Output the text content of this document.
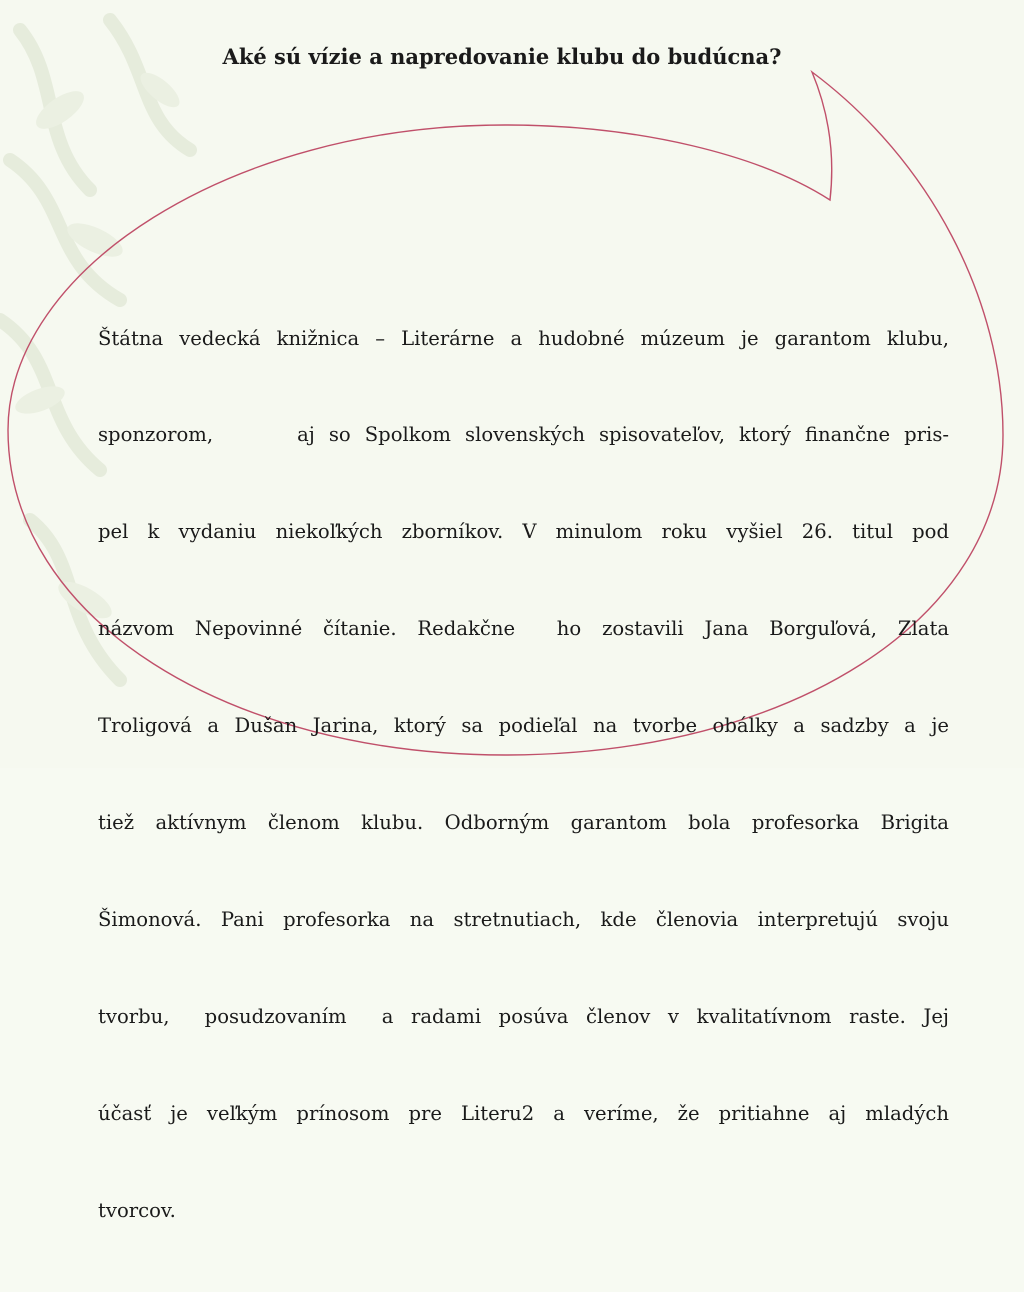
Aké sú vízie a napredovanie klubu do budúcna?

Štátna vedecká knižnica – Literárne a hudobné múzeum je garantom klubu,

sponzorom,      aj so Spolkom slovenských spisovateľov, ktorý finančne pris-

pel k vydaniu niekoľkých zborníkov. V minulom roku vyšiel 26. titul pod

názvom Nepovinné čítanie. Redakčne  ho zostavili Jana Borguľová, Zlata

Troligová a Dušan Jarina, ktorý sa podieľal na tvorbe obálky a sadzby a je

tiež aktívnym členom klubu. Odborným garantom bola profesorka Brigita

Šimonová. Pani profesorka na stretnutiach, kde členovia interpretujú svoju

tvorbu,  posudzovaním  a radami posúva členov v kvalitatívnom raste. Jej

účasť je veľkým prínosom pre Literu2 a veríme, že pritiahne aj mladých

tvorcov.
